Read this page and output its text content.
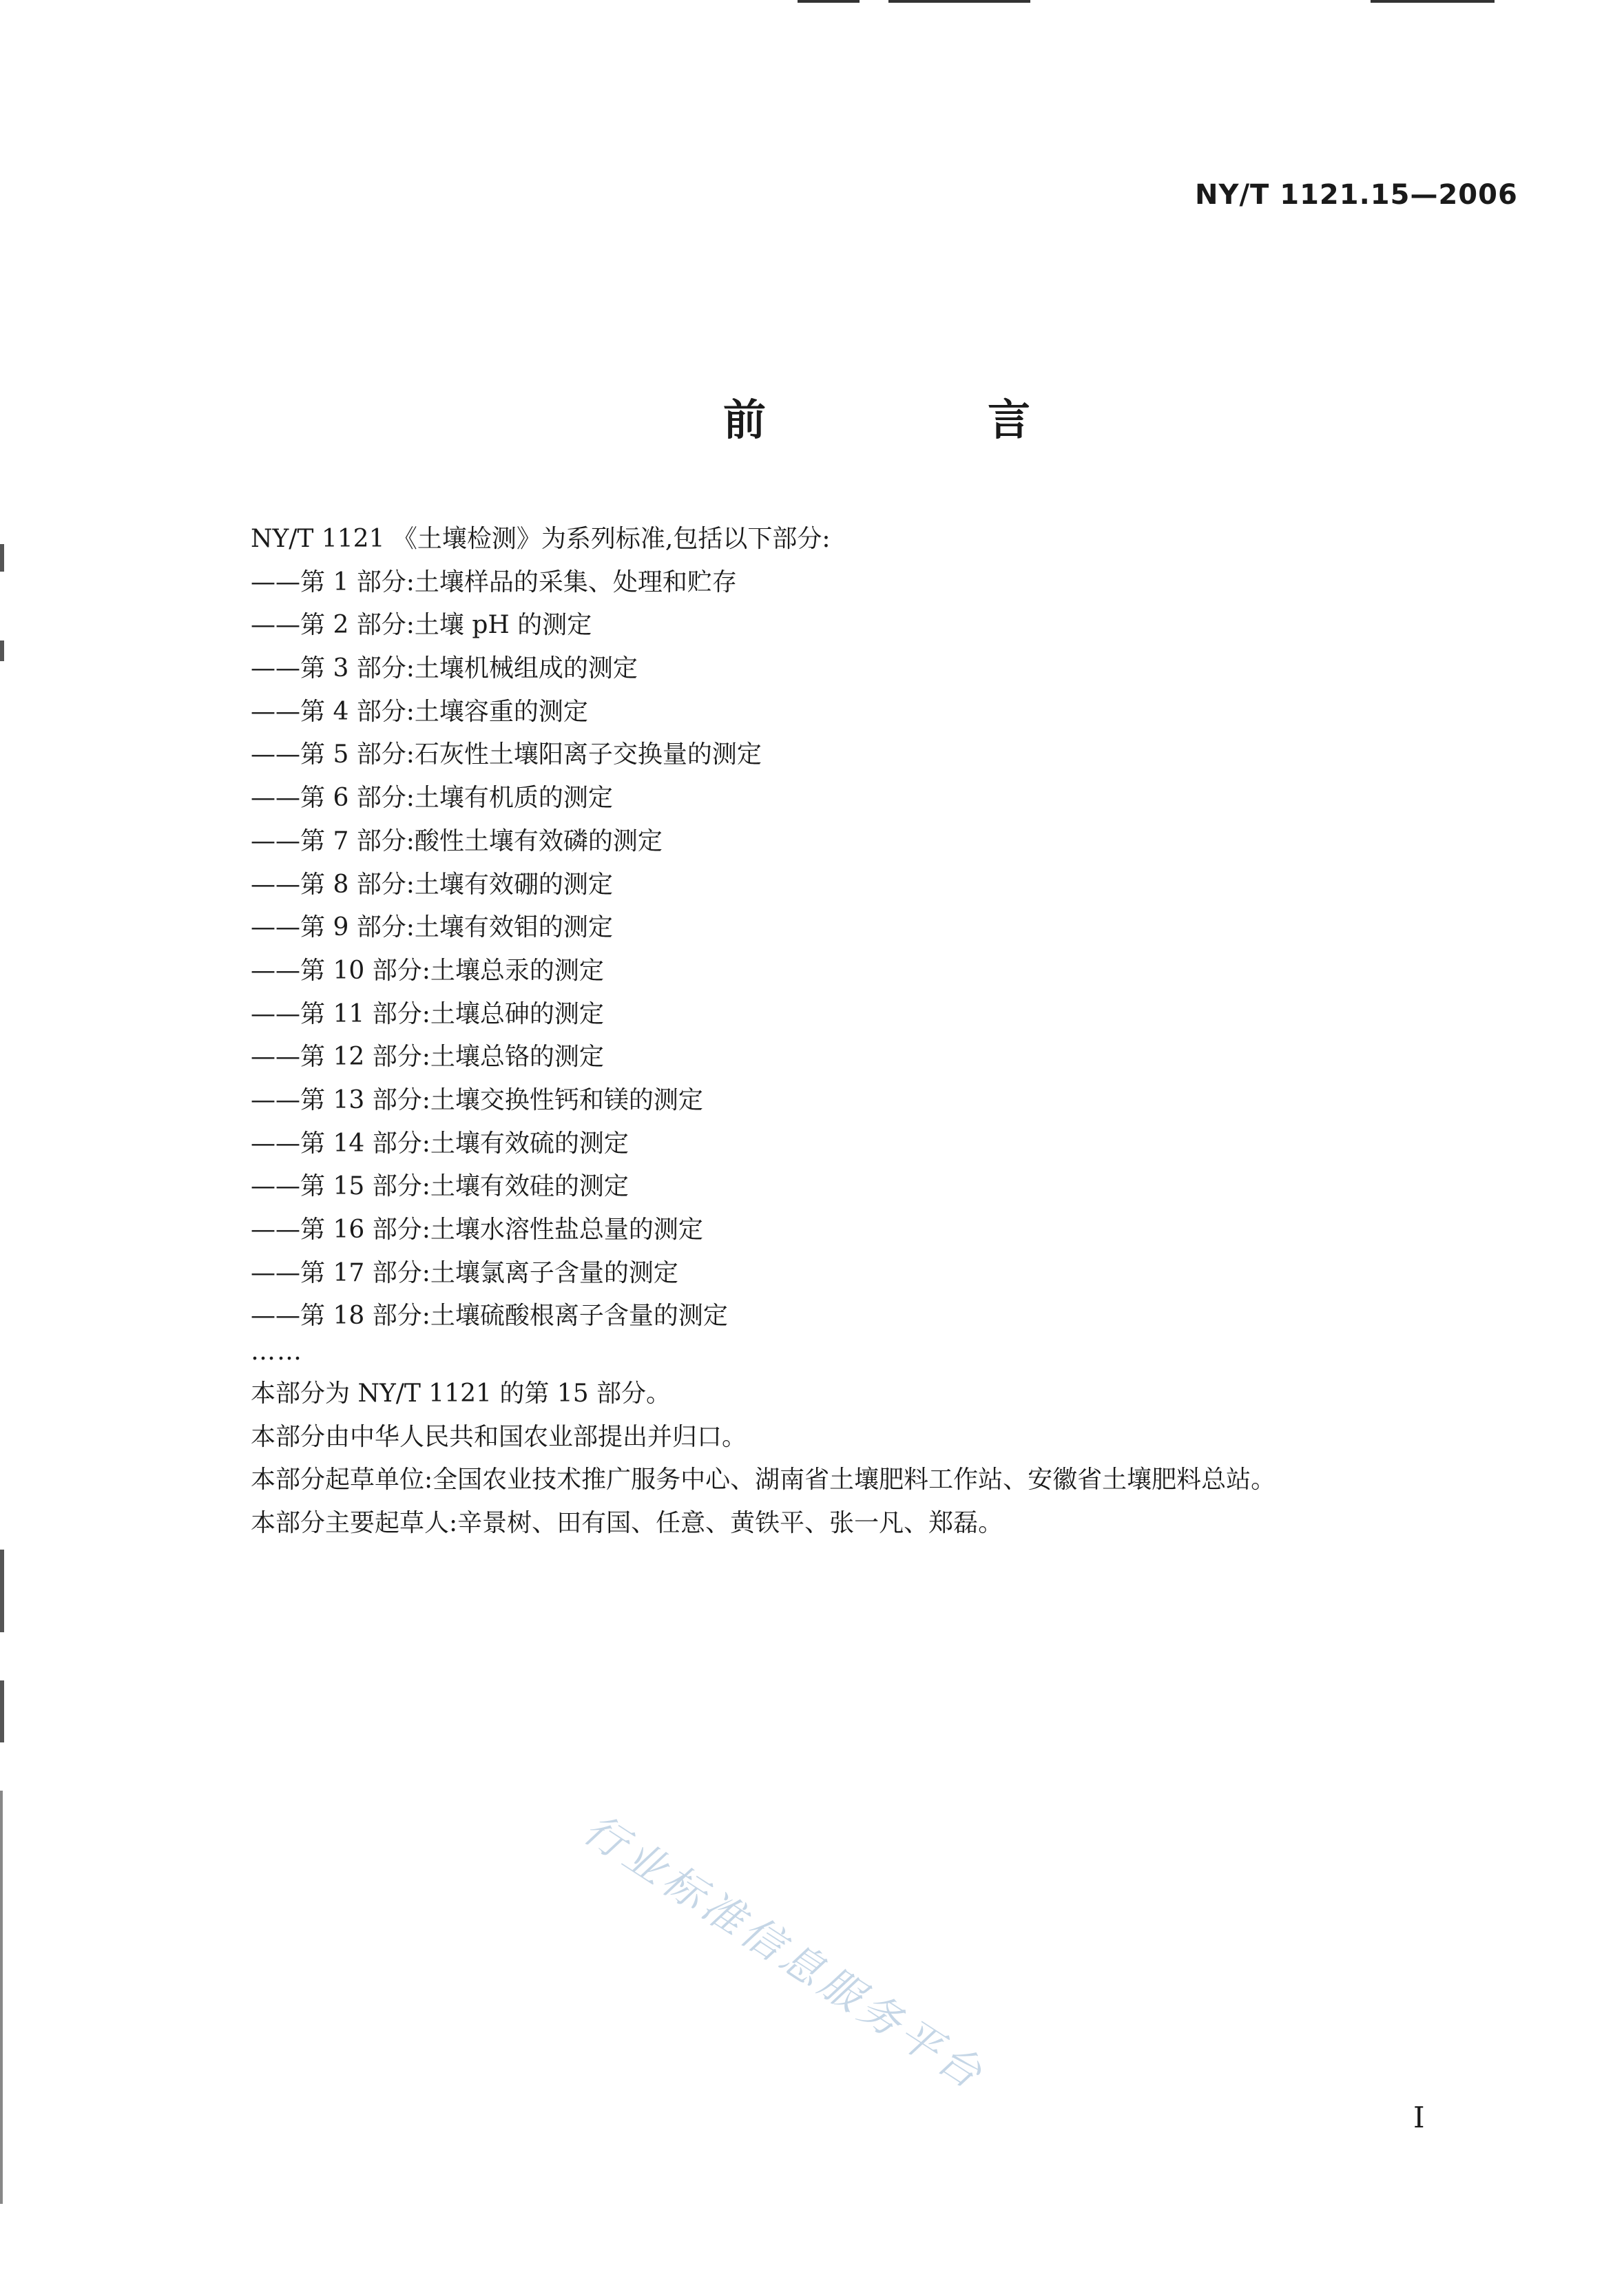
NY/T 1121.15—2006
前　言
NY/T 1121 《土壤检测》为系列标准,包括以下部分:
——第 1 部分:土壤样品的采集、处理和贮存
——第 2 部分:土壤 pH 的测定
——第 3 部分:土壤机械组成的测定
——第 4 部分:土壤容重的测定
——第 5 部分:石灰性土壤阳离子交换量的测定
——第 6 部分:土壤有机质的测定
——第 7 部分:酸性土壤有效磷的测定
——第 8 部分:土壤有效硼的测定
——第 9 部分:土壤有效钼的测定
——第 10 部分:土壤总汞的测定
——第 11 部分:土壤总砷的测定
——第 12 部分:土壤总铬的测定
——第 13 部分:土壤交换性钙和镁的测定
——第 14 部分:土壤有效硫的测定
——第 15 部分:土壤有效硅的测定
——第 16 部分:土壤水溶性盐总量的测定
——第 17 部分:土壤氯离子含量的测定
——第 18 部分:土壤硫酸根离子含量的测定
……
本部分为 NY/T 1121 的第 15 部分。
本部分由中华人民共和国农业部提出并归口。
本部分起草单位:全国农业技术推广服务中心、湖南省土壤肥料工作站、安徽省土壤肥料总站。
本部分主要起草人:辛景树、田有国、任意、黄铁平、张一凡、郑磊。
行业标准信息服务平台
I
